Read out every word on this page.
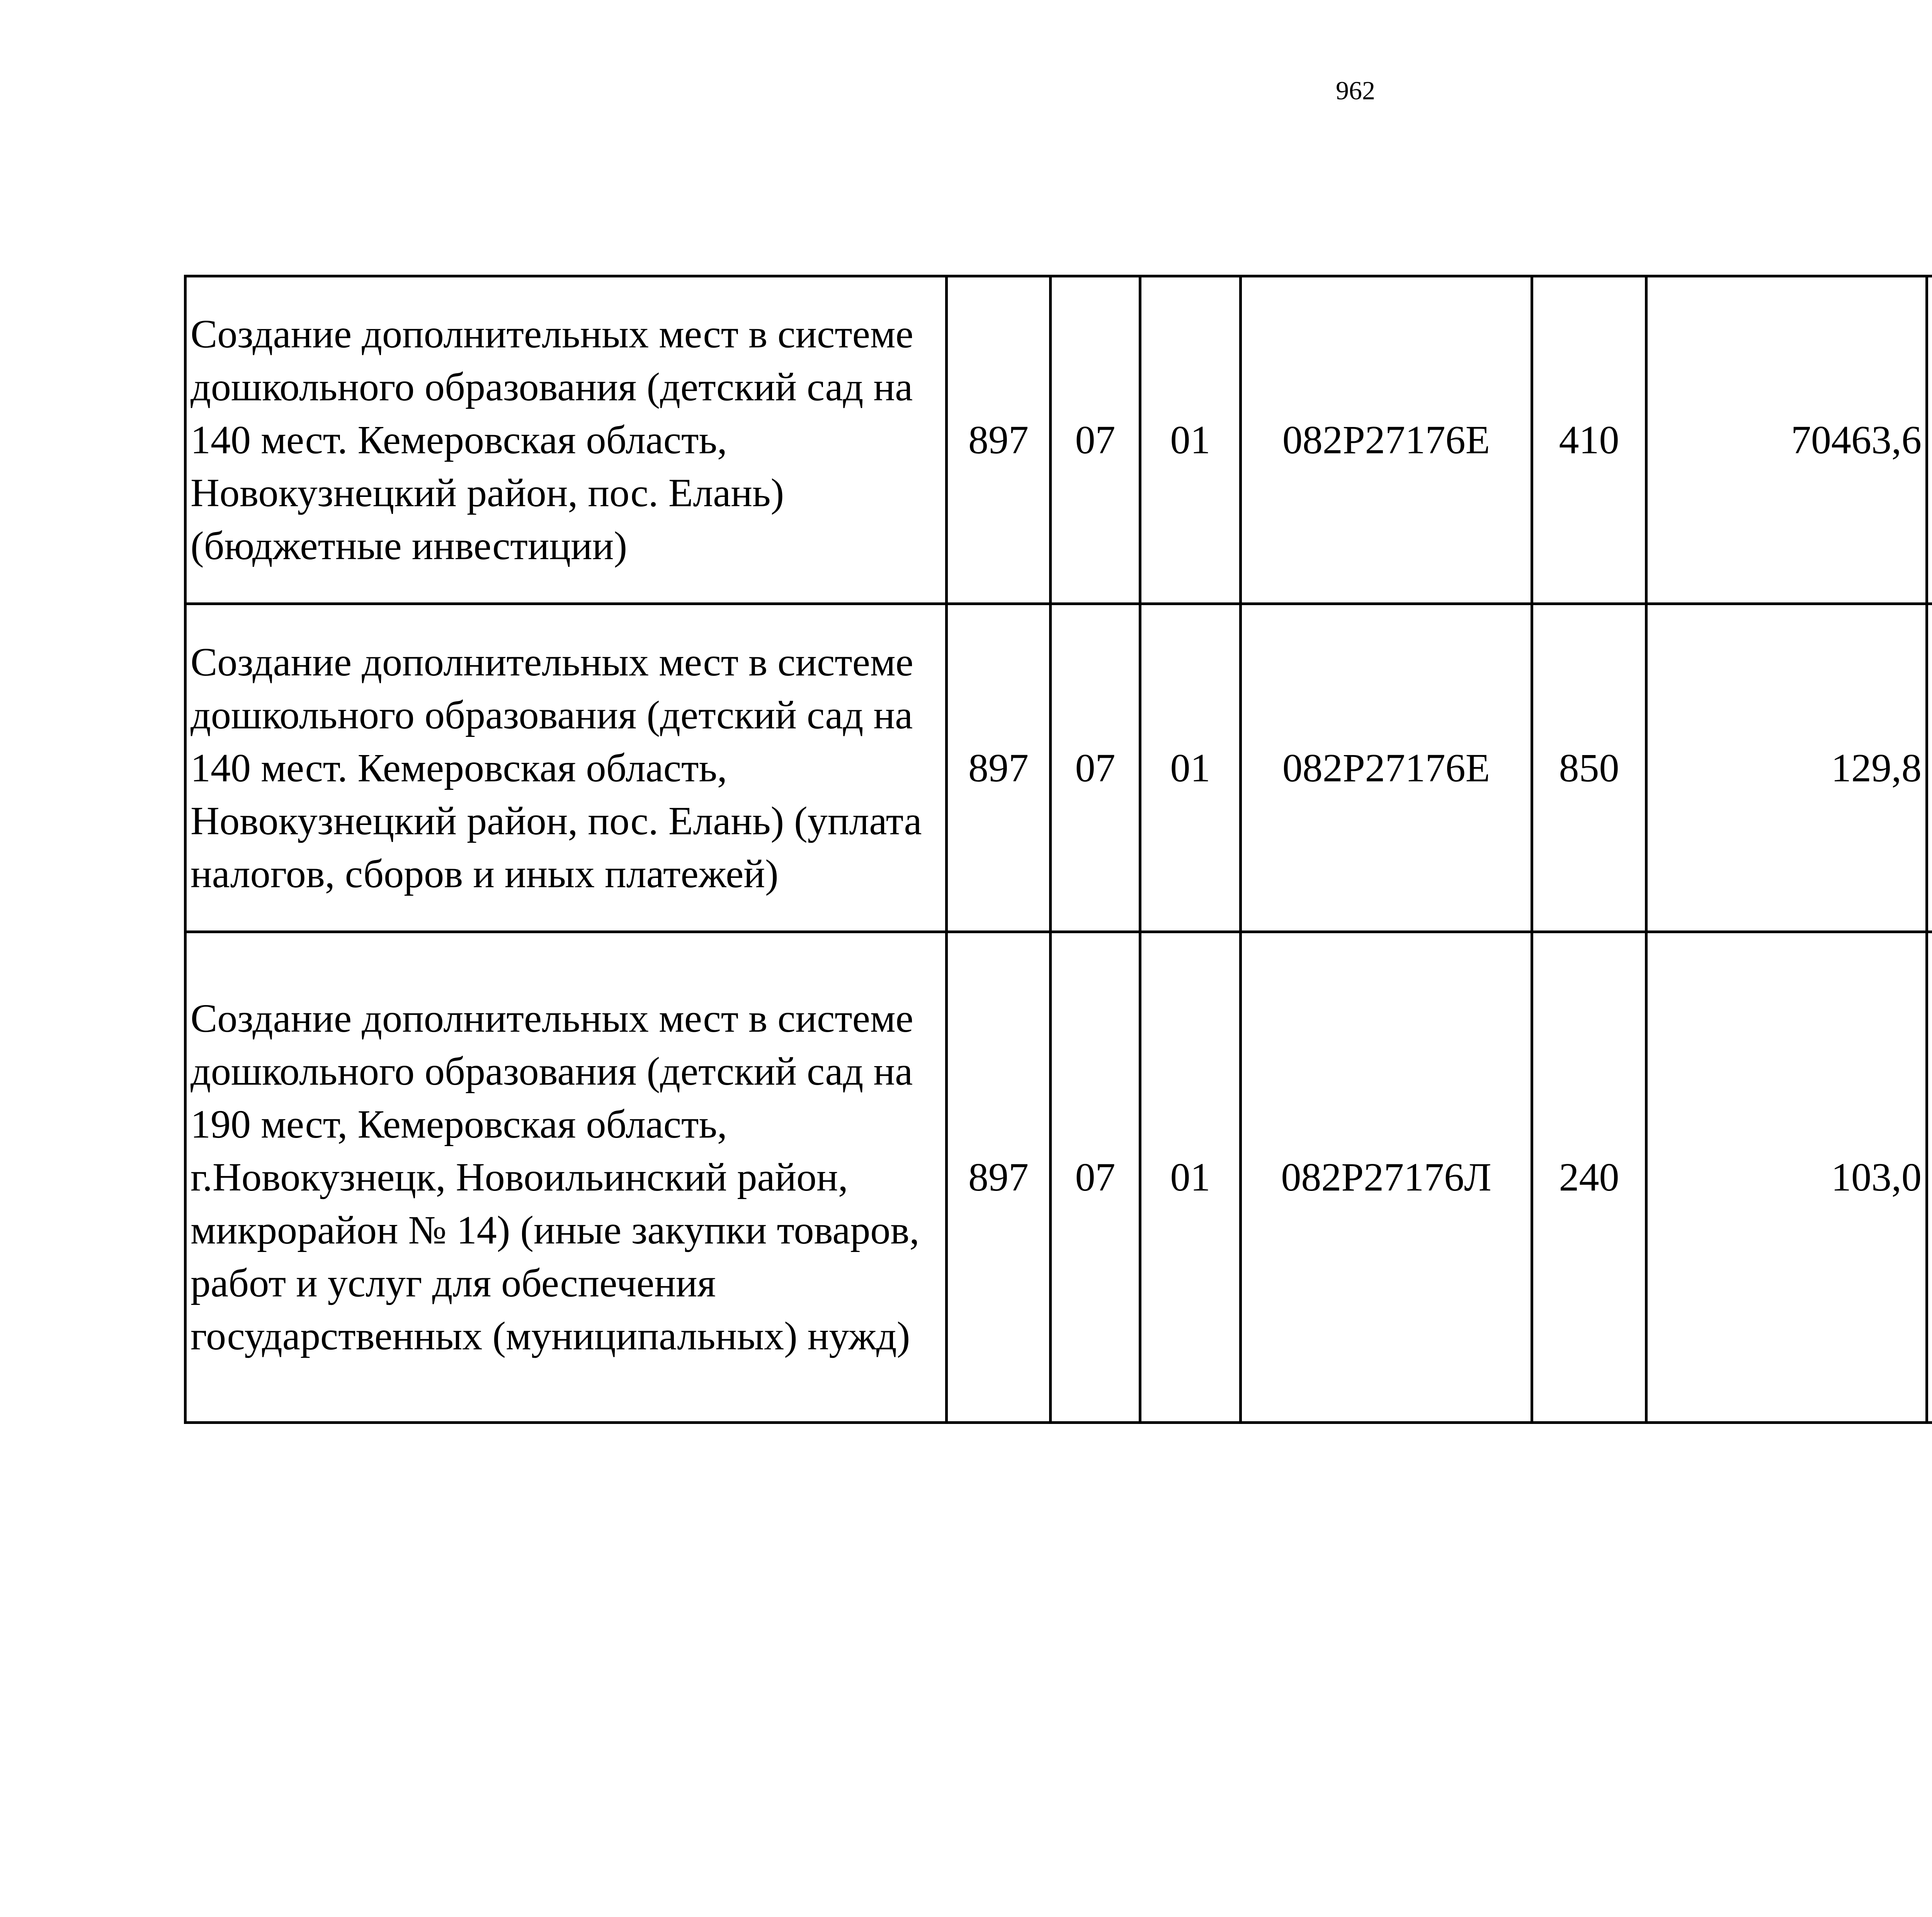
962
Создание дополнительных мест в системе дошкольного образования (детский сад на 140 мест. Кемеровская область, Новокузнецкий район, пос. Елань) (бюджетные инвестиции)	897	07	01	082P27176Е	410	70463,6		
Создание дополнительных мест в системе дошкольного образования (детский сад на 140 мест. Кемеровская область, Новокузнецкий район, пос. Елань) (уплата налогов, сборов и иных платежей)	897	07	01	082P27176Е	850	129,8		
Создание дополнительных мест в системе дошкольного образования (детский сад на 190 мест, Кемеровская область, г.Новокузнецк, Новоильинский район, микрорайон № 14) (иные закупки товаров, работ и услуг для обеспечения государственных (муниципальных) нужд)	897	07	01	082P27176Л	240	103,0		
